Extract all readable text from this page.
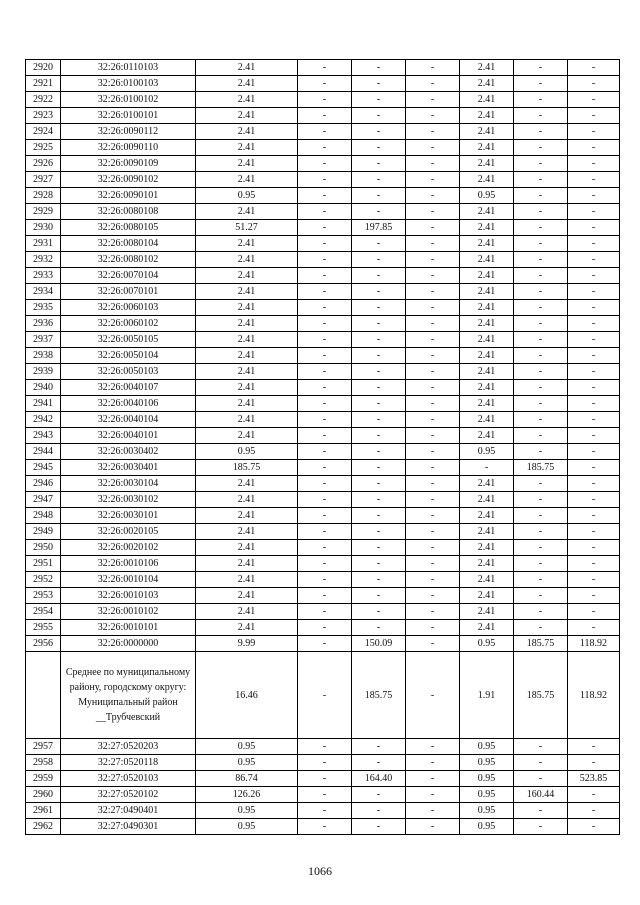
2920	32:26:0110103	2.41	-	-	-	2.41	-	-
2921	32:26:0100103	2.41	-	-	-	2.41	-	-
2922	32:26:0100102	2.41	-	-	-	2.41	-	-
2923	32:26:0100101	2.41	-	-	-	2.41	-	-
2924	32:26:0090112	2.41	-	-	-	2.41	-	-
2925	32:26:0090110	2.41	-	-	-	2.41	-	-
2926	32:26:0090109	2.41	-	-	-	2.41	-	-
2927	32:26:0090102	2.41	-	-	-	2.41	-	-
2928	32:26:0090101	0.95	-	-	-	0.95	-	-
2929	32:26:0080108	2.41	-	-	-	2.41	-	-
2930	32:26:0080105	51.27	-	197.85	-	2.41	-	-
2931	32:26:0080104	2.41	-	-	-	2.41	-	-
2932	32:26:0080102	2.41	-	-	-	2.41	-	-
2933	32:26:0070104	2.41	-	-	-	2.41	-	-
2934	32:26:0070101	2.41	-	-	-	2.41	-	-
2935	32:26:0060103	2.41	-	-	-	2.41	-	-
2936	32:26:0060102	2.41	-	-	-	2.41	-	-
2937	32:26:0050105	2.41	-	-	-	2.41	-	-
2938	32:26:0050104	2.41	-	-	-	2.41	-	-
2939	32:26:0050103	2.41	-	-	-	2.41	-	-
2940	32:26:0040107	2.41	-	-	-	2.41	-	-
2941	32:26:0040106	2.41	-	-	-	2.41	-	-
2942	32:26:0040104	2.41	-	-	-	2.41	-	-
2943	32:26:0040101	2.41	-	-	-	2.41	-	-
2944	32:26:0030402	0.95	-	-	-	0.95	-	-
2945	32:26:0030401	185.75	-	-	-	-	185.75	-
2946	32:26:0030104	2.41	-	-	-	2.41	-	-
2947	32:26:0030102	2.41	-	-	-	2.41	-	-
2948	32:26:0030101	2.41	-	-	-	2.41	-	-
2949	32:26:0020105	2.41	-	-	-	2.41	-	-
2950	32:26:0020102	2.41	-	-	-	2.41	-	-
2951	32:26:0010106	2.41	-	-	-	2.41	-	-
2952	32:26:0010104	2.41	-	-	-	2.41	-	-
2953	32:26:0010103	2.41	-	-	-	2.41	-	-
2954	32:26:0010102	2.41	-	-	-	2.41	-	-
2955	32:26:0010101	2.41	-	-	-	2.41	-	-
2956	32:26:0000000	9.99	-	150.09	-	0.95	185.75	118.92
	Среднее по муниципальному району, городскому округу: Муниципальный район __Трубчевский	16.46	-	185.75	-	1.91	185.75	118.92
2957	32:27:0520203	0.95	-	-	-	0.95	-	-
2958	32:27:0520118	0.95	-	-	-	0.95	-	-
2959	32:27:0520103	86.74	-	164.40	-	0.95	-	523.85
2960	32:27:0520102	126.26	-	-	-	0.95	160.44	-
2961	32:27:0490401	0.95	-	-	-	0.95	-	-
2962	32:27:0490301	0.95	-	-	-	0.95	-	-
1066
